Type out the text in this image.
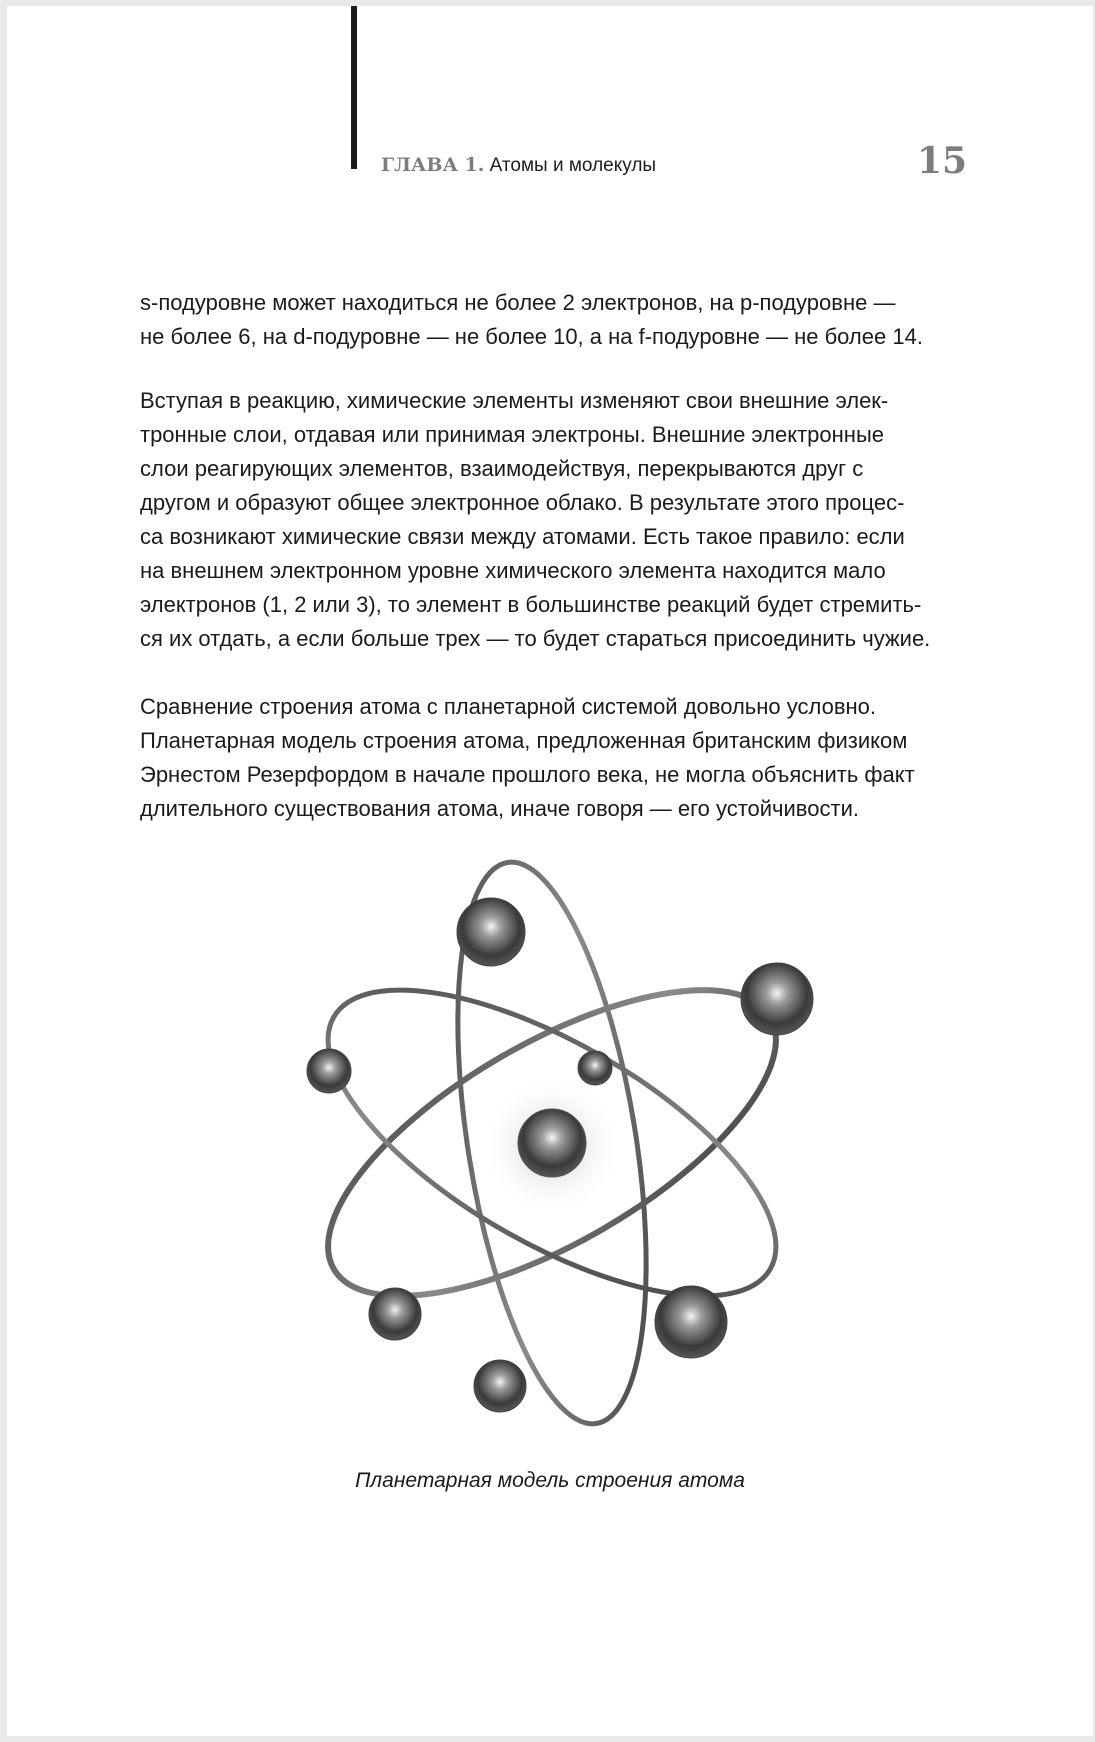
ГЛАВА 1. Атомы и молекулы	15
s-подуровне может находиться не более 2 электронов, на р-подуровне —
не более 6, на d-подуровне — не более 10, а на f-подуровне — не более 14.
Вступая в реакцию, химические элементы изменяют свои внешние элек-
тронные слои, отдавая или принимая электроны. Внешние электронные
слои реагирующих элементов, взаимодействуя, перекрываются друг с
другом и образуют общее электронное облако. В результате этого процес-
са возникают химические связи между атомами. Есть такое правило: если
на внешнем электронном уровне химического элемента находится мало
электронов (1, 2 или 3), то элемент в большинстве реакций будет стремить-
ся их отдать, а если больше трех — то будет стараться присоединить чужие.
Сравнение строения атома с планетарной системой довольно условно.
Планетарная модель строения атома, предложенная британским физиком
Эрнестом Резерфордом в начале прошлого века, не могла объяснить факт
длительного существования атома, иначе говоря — его устойчивости.
Планетарная модель строения атома
